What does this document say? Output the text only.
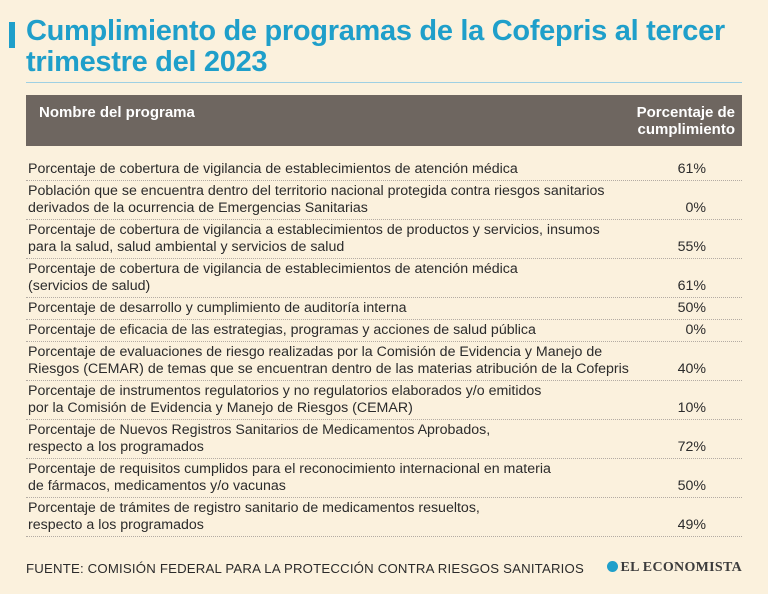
Cumplimiento de programas de la Cofepris al tercer trimestre del 2023
Nombre del programa	Porcentaje de
cumplimiento
Porcentaje de cobertura de vigilancia de establecimientos de atención médica	61%
Población que se encuentra dentro del territorio nacional protegida contra riesgos sanitarios
derivados de la ocurrencia de Emergencias Sanitarias	0%
Porcentaje de cobertura de vigilancia a establecimientos de productos y servicios, insumos
para la salud, salud ambiental y servicios de salud	55%
Porcentaje de cobertura de vigilancia de establecimientos de atención médica
(servicios de salud)	61%
Porcentaje de desarrollo y cumplimiento de auditoría interna	50%
Porcentaje de eficacia de las estrategias, programas y acciones de salud pública	0%
Porcentaje de evaluaciones de riesgo realizadas por la Comisión de Evidencia y Manejo de
Riesgos (CEMAR) de temas que se encuentran dentro de las materias atribución de la Cofepris	40%
Porcentaje de instrumentos regulatorios y no regulatorios elaborados y/o emitidos
por la Comisión de Evidencia y Manejo de Riesgos (CEMAR)	10%
Porcentaje de Nuevos Registros Sanitarios de Medicamentos Aprobados,
respecto a los programados	72%
Porcentaje de requisitos cumplidos para el reconocimiento internacional en materia
de fármacos, medicamentos y/o vacunas	50%
Porcentaje de trámites de registro sanitario de medicamentos resueltos,
respecto a los programados	49%
FUENTE: COMISIÓN FEDERAL PARA LA PROTECCIÓN CONTRA RIESGOS SANITARIOS	EL ECONOMISTA
